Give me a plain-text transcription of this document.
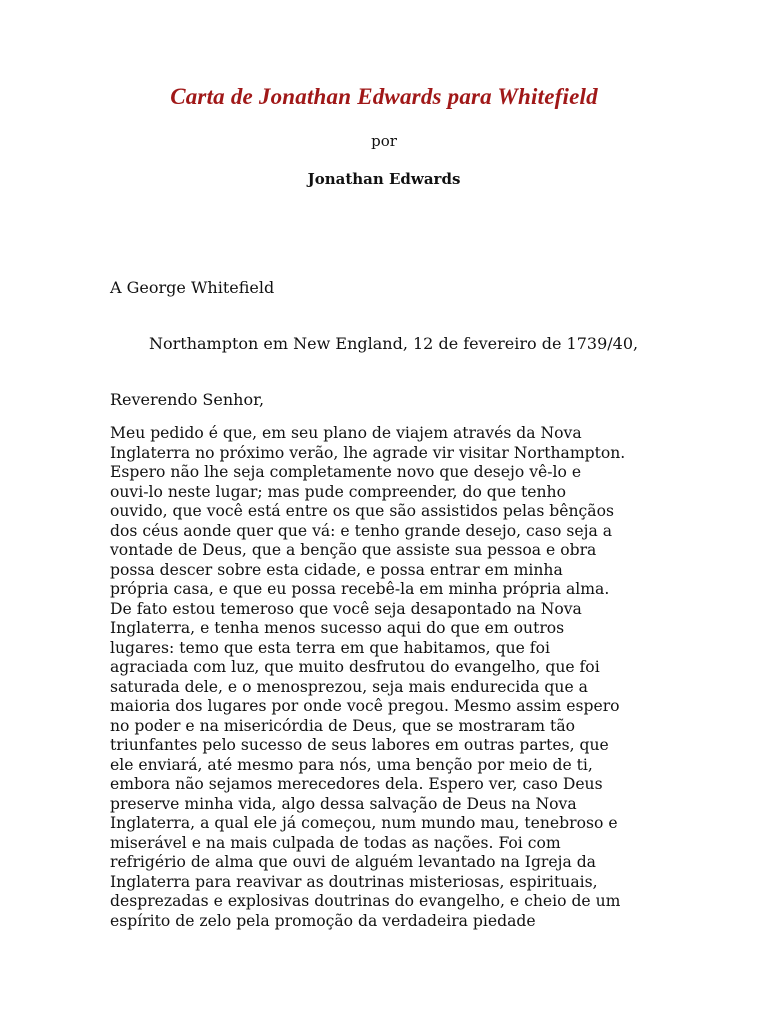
Carta de Jonathan Edwards para Whitefield

por

Jonathan Edwards

A George Whitefield

Northampton em New England, 12 de fevereiro de 1739/40,

Reverendo Senhor,

Meu pedido é que, em seu plano de viajem através da Nova
Inglaterra no próximo verão, lhe agrade vir visitar Northampton.
Espero não lhe seja completamente novo que desejo vê-lo e
ouvi-lo neste lugar; mas pude compreender, do que tenho
ouvido, que você está entre os que são assistidos pelas bênçãos
dos céus aonde quer que vá: e tenho grande desejo, caso seja a
vontade de Deus, que a benção que assiste sua pessoa e obra
possa descer sobre esta cidade, e possa entrar em minha
própria casa, e que eu possa recebê-la em minha própria alma.
De fato estou temeroso que você seja desapontado na Nova
Inglaterra, e tenha menos sucesso aqui do que em outros
lugares: temo que esta terra em que habitamos, que foi
agraciada com luz, que muito desfrutou do evangelho, que foi
saturada dele, e o menosprezou, seja mais endurecida que a
maioria dos lugares por onde você pregou. Mesmo assim espero
no poder e na misericórdia de Deus, que se mostraram tão
triunfantes pelo sucesso de seus labores em outras partes, que
ele enviará, até mesmo para nós, uma benção por meio de ti,
embora não sejamos merecedores dela. Espero ver, caso Deus
preserve minha vida, algo dessa salvação de Deus na Nova
Inglaterra, a qual ele já começou, num mundo mau, tenebroso e
miserável e na mais culpada de todas as nações. Foi com
refrigério de alma que ouvi de alguém levantado na Igreja da
Inglaterra para reavivar as doutrinas misteriosas, espirituais,
desprezadas e explosivas doutrinas do evangelho, e cheio de um
espírito de zelo pela promoção da verdadeira piedade
